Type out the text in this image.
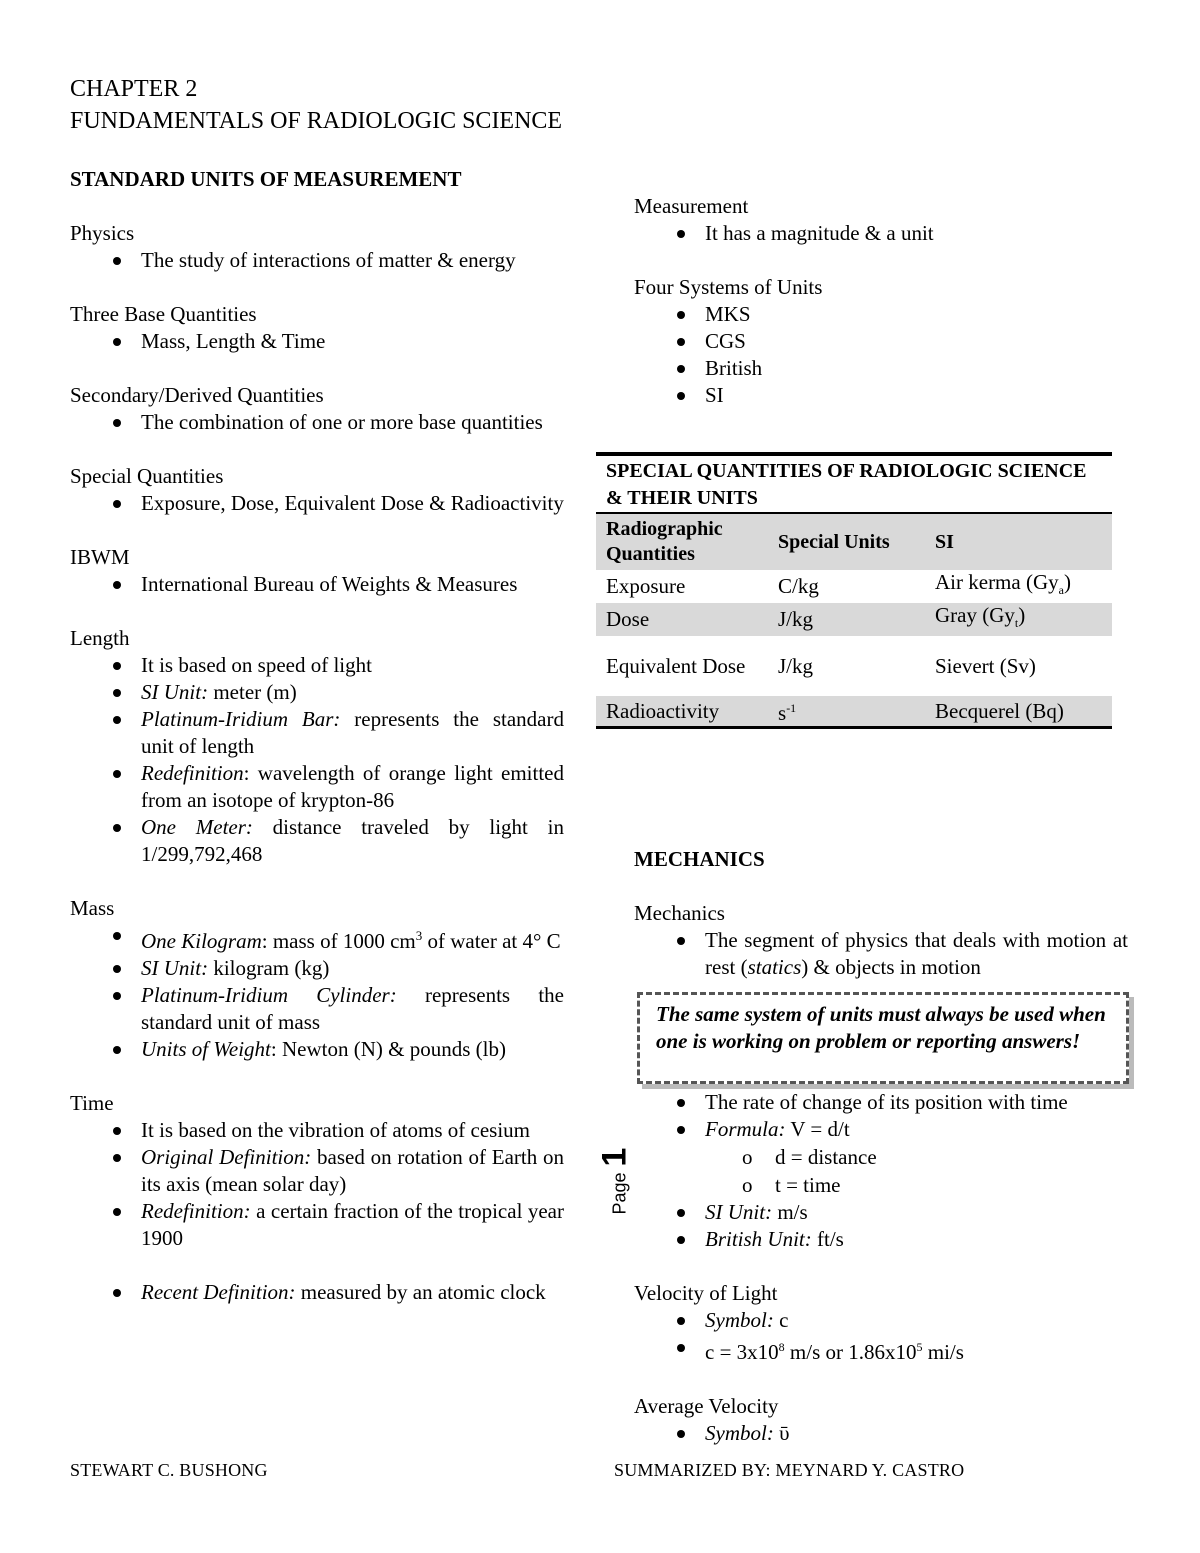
CHAPTER 2
FUNDAMENTALS OF RADIOLOGIC SCIENCE
STANDARD UNITS OF MEASUREMENT
Physics
The study of interactions of matter & energy
Three Base Quantities
Mass, Length & Time
Secondary/Derived Quantities
The combination of one or more base quantities
Special Quantities
Exposure, Dose, Equivalent Dose & Radioactivity
IBWM
International Bureau of Weights & Measures
Length
It is based on speed of light
SI Unit: meter (m)
Platinum-Iridium Bar: represents the standard unit of length
Redefinition: wavelength of orange light emitted from an isotope of krypton-86
One Meter: distance traveled by light in 1/299,792,468
Mass
One Kilogram: mass of 1000 $cm^3$ of water at 4° C
SI Unit: kilogram (kg)
Platinum-Iridium Cylinder: represents the standard unit of mass
Units of Weight: Newton (N) & pounds (lb)
Time
It is based on the vibration of atoms of cesium
Original Definition: based on rotation of Earth on its axis (mean solar day)
Redefinition: a certain fraction of the tropical year 1900
Recent Definition: measured by an atomic clock
Measurement
It has a magnitude & a unit
Four Systems of Units
MKS
CGS
British
SI
SPECIAL QUANTITIES OF RADIOLOGIC SCIENCE & THEIR UNITS
Radiographic Quantities	Special Units	SI
Exposure	C/kg	Air kerma $(Gy_a)$
Dose	J/kg	Gray $(Gy_t)$
Equivalent Dose	J/kg	Sievert (Sv)
Radioactivity	$s^{-1}$	Becquerel (Bq)
MECHANICS
Mechanics
The segment of physics that deals with motion at rest (statics) & objects in motion
The rate of change of its position with time
Formula: V = d/t
o d = distance
o t = time
SI Unit: m/s
British Unit: ft/s
Velocity of Light
Symbol: c
$c = 3x10^8$ m/s or $1.86x10^5$ mi/s
Average Velocity
Symbol: ῡ
The same system of units must always be used when one is working on problem or reporting answers!
Page 1
STEWART C. BUSHONG	SUMMARIZED BY: MEYNARD Y. CASTRO
